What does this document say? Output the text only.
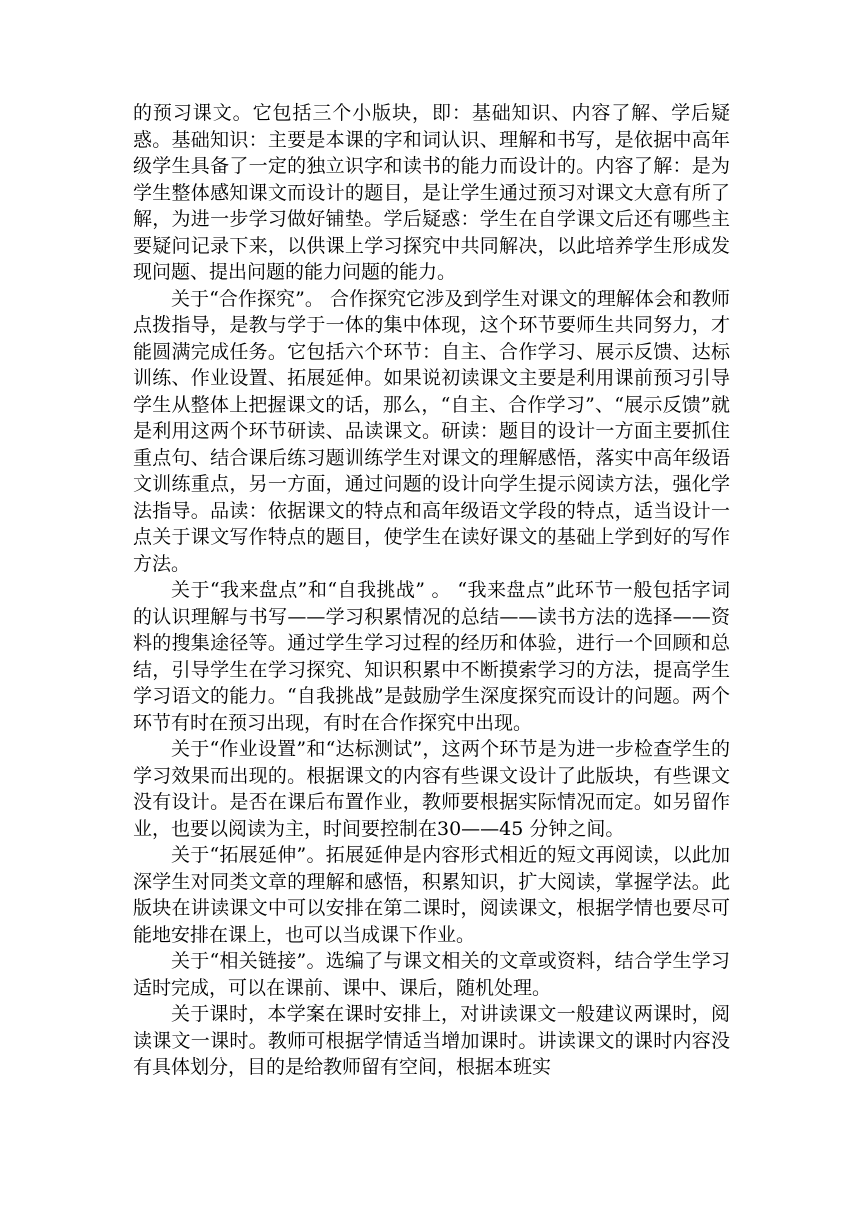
的预习课文。它包括三个小版块，即：基础知识、内容了解、学后疑惑。基础知识：主要是本课的字和词认识、理解和书写，是依据中高年级学生具备了一定的独立识字和读书的能力而设计的。内容了解：是为学生整体感知课文而设计的题目，是让学生通过预习对课文大意有所了解，为进一步学习做好铺垫。学后疑惑：学生在自学课文后还有哪些主要疑问记录下来，以供课上学习探究中共同解决，以此培养学生形成发现问题、提出问题的能力问题的能力。

关于“合作探究”。 合作探究它涉及到学生对课文的理解体会和教师点拨指导，是教与学于一体的集中体现，这个环节要师生共同努力，才能圆满完成任务。它包括六个环节：自主、合作学习、展示反馈、达标训练、作业设置、拓展延伸。如果说初读课文主要是利用课前预习引导学生从整体上把握课文的话，那么，“自主、合作学习”、“展示反馈”就是利用这两个环节研读、品读课文。研读：题目的设计一方面主要抓住重点句、结合课后练习题训练学生对课文的理解感悟，落实中高年级语文训练重点，另一方面，通过问题的设计向学生提示阅读方法，强化学法指导。品读：依据课文的特点和高年级语文学段的特点，适当设计一点关于课文写作特点的题目，使学生在读好课文的基础上学到好的写作方法。

关于“我来盘点”和“自我挑战” 。 “我来盘点”此环节一般包括字词的认识理解与书写——学习积累情况的总结——读书方法的选择——资料的搜集途径等。通过学生学习过程的经历和体验，进行一个回顾和总结，引导学生在学习探究、知识积累中不断摸索学习的方法，提高学生学习语文的能力。“自我挑战”是鼓励学生深度探究而设计的问题。两个环节有时在预习出现，有时在合作探究中出现。

关于“作业设置”和“达标测试”，这两个环节是为进一步检查学生的学习效果而出现的。根据课文的内容有些课文设计了此版块，有些课文没有设计。是否在课后布置作业，教师要根据实际情况而定。如另留作业，也要以阅读为主，时间要控制在30——45 分钟之间。

关于“拓展延伸”。拓展延伸是内容形式相近的短文再阅读，以此加深学生对同类文章的理解和感悟，积累知识，扩大阅读，掌握学法。此版块在讲读课文中可以安排在第二课时，阅读课文，根据学情也要尽可能地安排在课上，也可以当成课下作业。

关于“相关链接”。选编了与课文相关的文章或资料，结合学生学习适时完成，可以在课前、课中、课后，随机处理。

关于课时，本学案在课时安排上，对讲读课文一般建议两课时，阅读课文一课时。教师可根据学情适当增加课时。讲读课文的课时内容没有具体划分，目的是给教师留有空间，根据本班实
